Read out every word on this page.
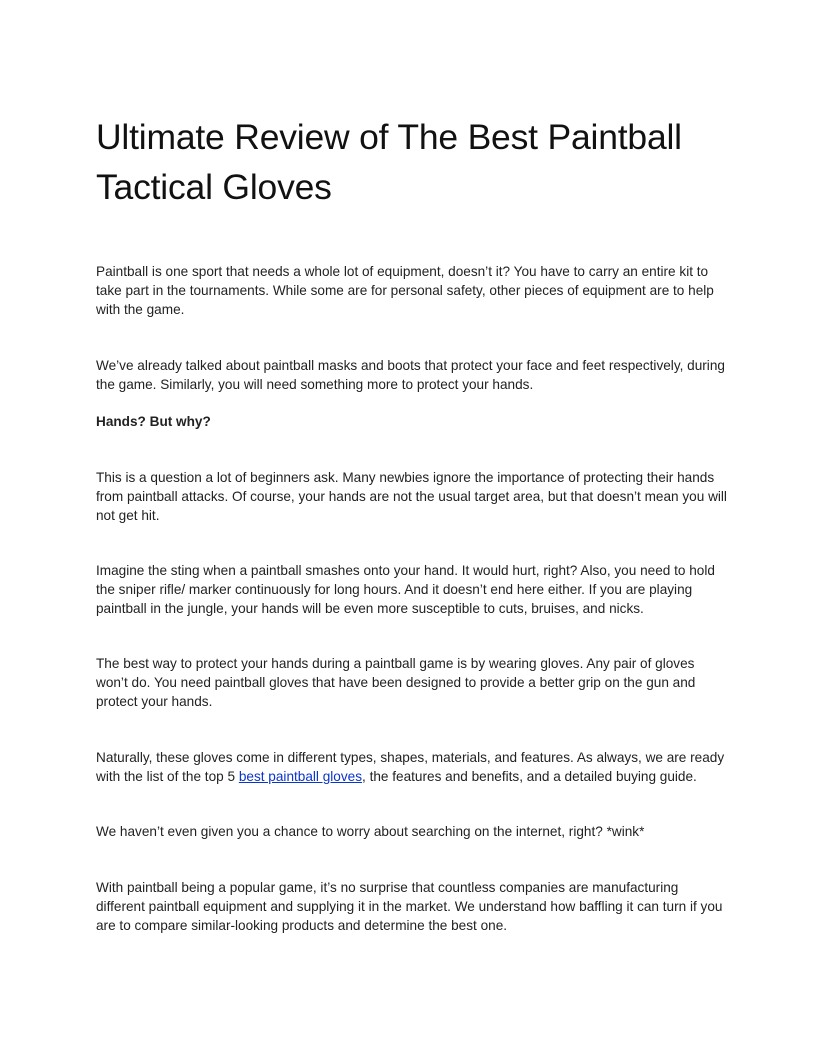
Ultimate Review of The Best Paintball Tactical Gloves

Paintball is one sport that needs a whole lot of equipment, doesn’t it? You have to carry an entire kit to take part in the tournaments. While some are for personal safety, other pieces of equipment are to help with the game.

We’ve already talked about paintball masks and boots that protect your face and feet respectively, during the game. Similarly, you will need something more to protect your hands.

Hands? But why?

This is a question a lot of beginners ask. Many newbies ignore the importance of protecting their hands from paintball attacks. Of course, your hands are not the usual target area, but that doesn’t mean you will not get hit.

Imagine the sting when a paintball smashes onto your hand. It would hurt, right? Also, you need to hold the sniper rifle/ marker continuously for long hours. And it doesn’t end here either. If you are playing paintball in the jungle, your hands will be even more susceptible to cuts, bruises, and nicks.

The best way to protect your hands during a paintball game is by wearing gloves. Any pair of gloves won’t do. You need paintball gloves that have been designed to provide a better grip on the gun and protect your hands.

Naturally, these gloves come in different types, shapes, materials, and features. As always, we are ready with the list of the top 5 best paintball gloves, the features and benefits, and a detailed buying guide.

We haven’t even given you a chance to worry about searching on the internet, right? *wink*

With paintball being a popular game, it’s no surprise that countless companies are manufacturing different paintball equipment and supplying it in the market. We understand how baffling it can turn if you are to compare similar-looking products and determine the best one.
